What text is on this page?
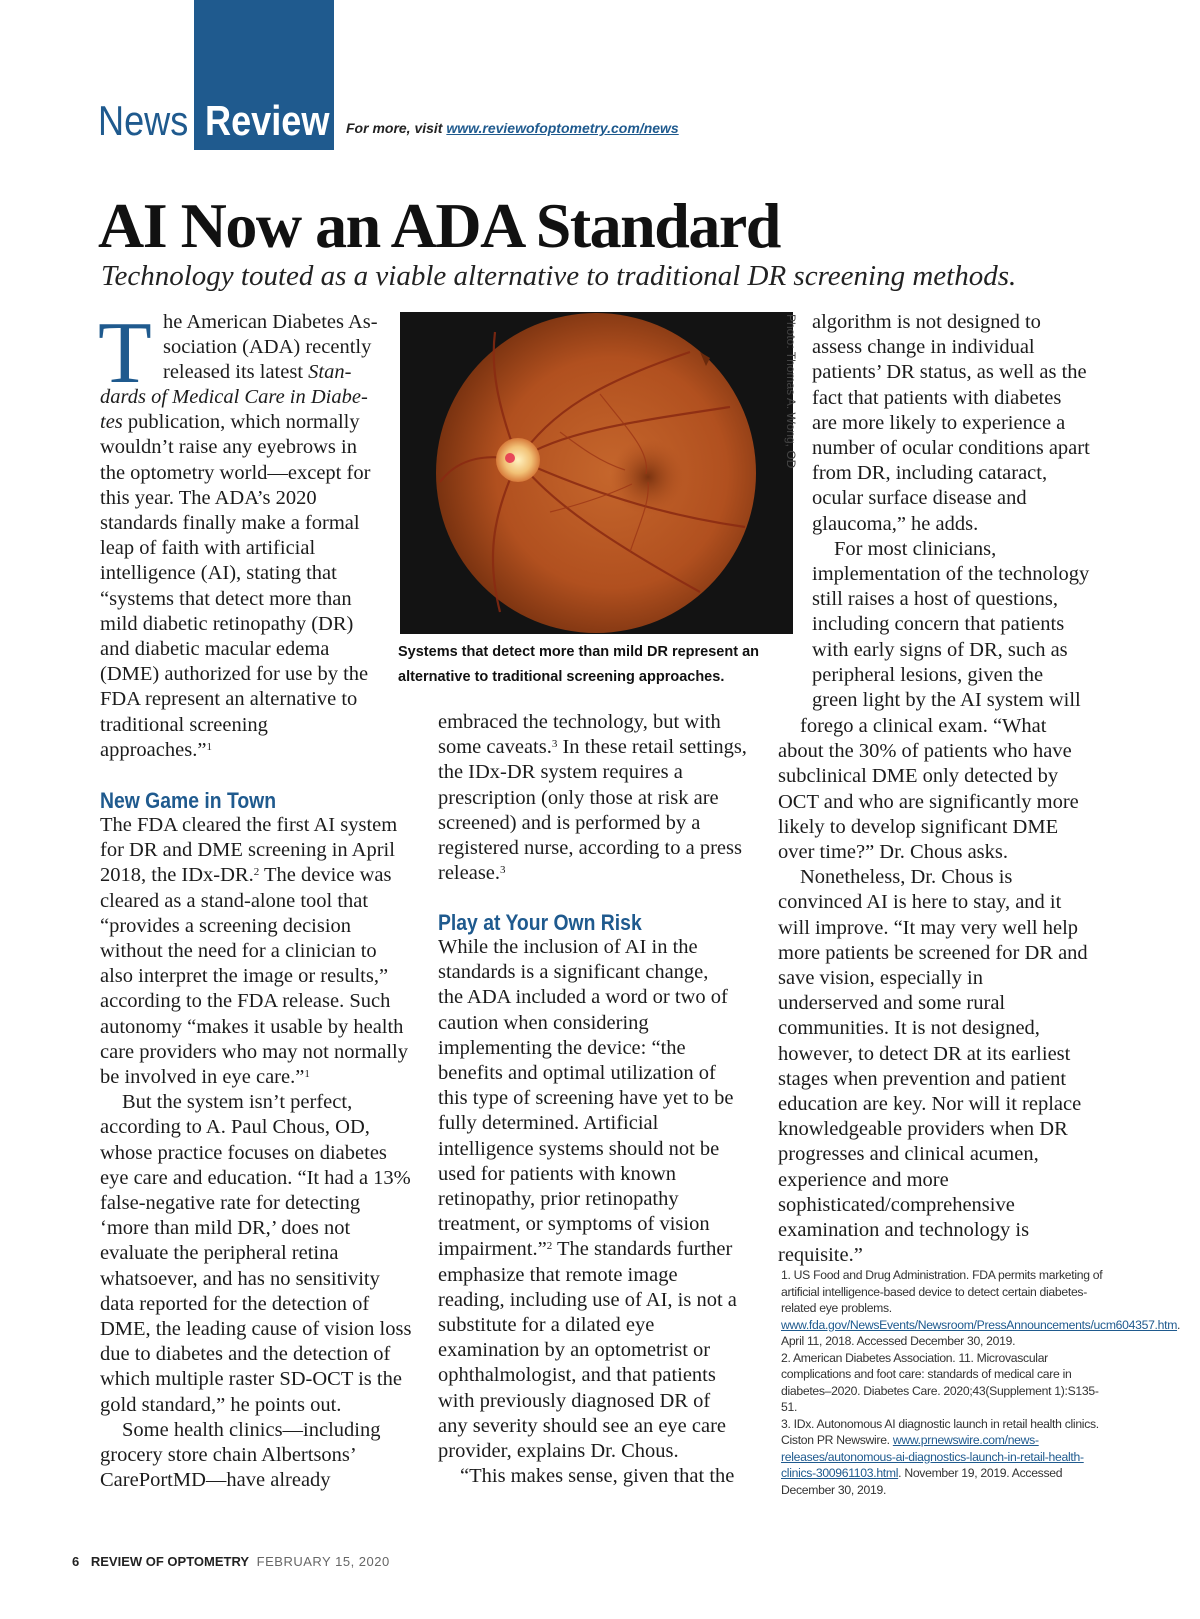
News Review For more, visit www.reviewofoptometry.com/news
AI Now an ADA Standard
Technology touted as a viable alternative to traditional DR screening methods.
T he American Diabetes As-
sociation (ADA) recently
released its latest Stan-

dards of Medical Care in Diabe- tes publication, which normally wouldn’t raise any eyebrows in the optometry world—except for this year. The ADA’s 2020 standards finally make a formal leap of faith with artificial intelligence (AI), stating that “systems that detect more than mild diabetic retinopathy (DR) and diabetic macular edema (DME) authorized for use by the FDA represent an alternative to traditional screening approaches.”$^1$

New Game in Town

The FDA cleared the first AI system for DR and DME screening in April 2018, the IDx-DR.$^2$ The device was cleared as a stand-alone tool that “provides a screening decision without the need for a clinician to also interpret the image or results,” according to the FDA release. Such autonomy “makes it usable by health care providers who may not normally be involved in eye care.”$^1$

But the system isn’t perfect, according to A. Paul Chous, OD, whose practice focuses on diabetes eye care and education. “It had a 13% false-negative rate for detecting ‘more than mild DR,’ does not evaluate the peripheral retina whatsoever, and has no sensitivity data reported for the detection of DME, the leading cause of vision loss due to diabetes and the detection of which multiple raster SD-OCT is the gold standard,” he points out.

Some health clinics—including grocery store chain Albertsons’ CarePortMD—have already

Photo: Thomas A. Wong, OD
Systems that detect more than mild DR represent an alternative to traditional screening approaches.

embraced the technology, but with some caveats.$^3$ In these retail settings, the IDx-DR system requires a prescription (only those at risk are screened) and is performed by a registered nurse, according to a press release.$^3$

Play at Your Own Risk

While the inclusion of AI in the standards is a significant change, the ADA included a word or two of caution when considering implementing the device: “the benefits and optimal utilization of this type of screening have yet to be fully determined. Artificial intelligence systems should not be used for patients with known retinopathy, prior retinopathy treatment, or symptoms of vision impairment.”$^2$ The standards further emphasize that remote image reading, including use of AI, is not a substitute for a dilated eye examination by an optometrist or ophthalmologist, and that patients with previously diagnosed DR of any severity should see an eye care provider, explains Dr. Chous.

“This makes sense, given that the

algorithm is not designed to assess change in individual patients’ DR status, as well as the fact that patients with diabetes are more likely to experience a number of ocular conditions apart from DR, including cataract, ocular surface disease and glaucoma,” he adds.

For most clinicians, implementation of the technology still raises a host of questions, including concern that patients with early signs of DR, such as peripheral lesions, given the green light by the AI system will

forego a clinical exam. “What about the 30% of patients who have subclinical DME only detected by OCT and who are significantly more likely to develop significant DME over time?” Dr. Chous asks.

Nonetheless, Dr. Chous is convinced AI is here to stay, and it will improve. “It may very well help more patients be screened for DR and save vision, especially in underserved and some rural communities. It is not designed, however, to detect DR at its earliest stages when prevention and patient education are key. Nor will it replace knowledgeable providers when DR progresses and clinical acumen, experience and more sophisticated/comprehensive examination and technology is requisite.”

1. US Food and Drug Administration. FDA permits marketing of artificial intelligence-based device to detect certain diabetes-related eye problems. www.fda.gov/NewsEvents/Newsroom/PressAnnouncements/ucm604357.htm. April 11, 2018. Accessed December 30, 2019.

2. American Diabetes Association. 11. Microvascular complications and foot care: standards of medical care in diabetes–2020. Diabetes Care. 2020;43(Supplement 1):S135-51.

3. IDx. Autonomous AI diagnostic launch in retail health clinics. Ciston PR Newswire. www.prnewswire.com/news-releases/autonomous-ai-diagnostics-launch-in-retail-health-clinics-300961103.html. November 19, 2019. Accessed December 30, 2019.

6 REVIEW OF OPTOMETRY FEBRUARY 15, 2020
